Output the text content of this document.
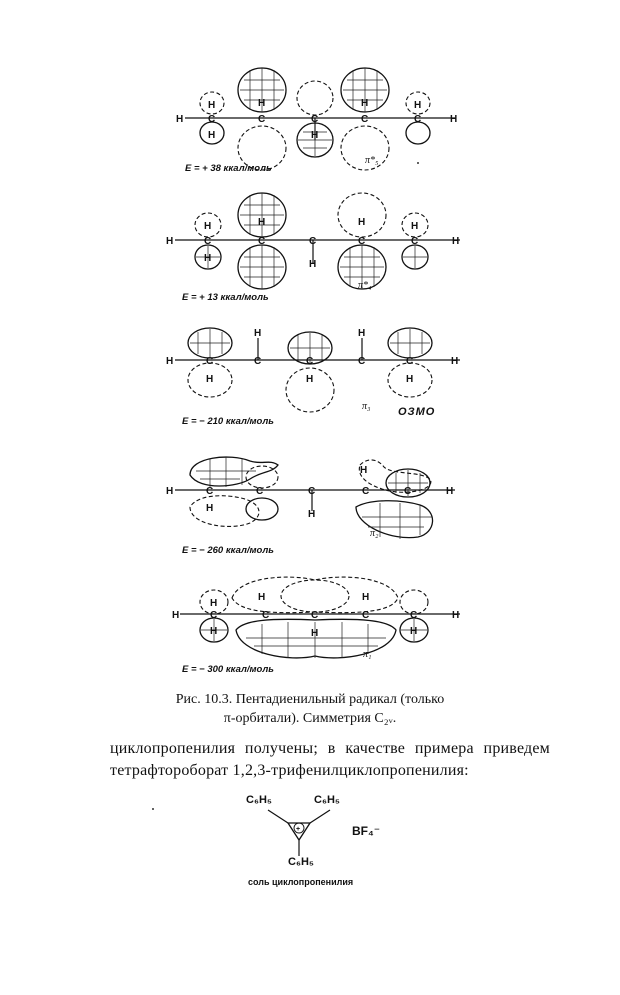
H
H
C
H
H
C	C
H
H
C
H
C	H
π*₅
E = + 38 ккал/моль
H
H
C
H
H
C	C
H
H
C
H
C	H
π*₄
E = + 13 ккал/моль
H	C
H
H
C	C
H
H
C	C
H
H
π₃	ОЗМО
E = − 210 ккал/моль
H	C
H
C	C
H
H
C	C	H
π₂
E = − 260 ккал/моль
H
H
C
H
H
C	C
H
H
C	C
H
H
π₁
E = − 300 ккал/моль
Рис. 10.3. Пентадиенильный радикал (только
π-орбитали). Симметрия C₂ᵥ.

циклопропенилия получены; в качестве примера приведем тетрафтороборат 1,2,3-трифенилциклопропенилия:

+
C₆H₅	C₆H₅
C₆H₅
BF₄⁻
соль циклопропенилия
